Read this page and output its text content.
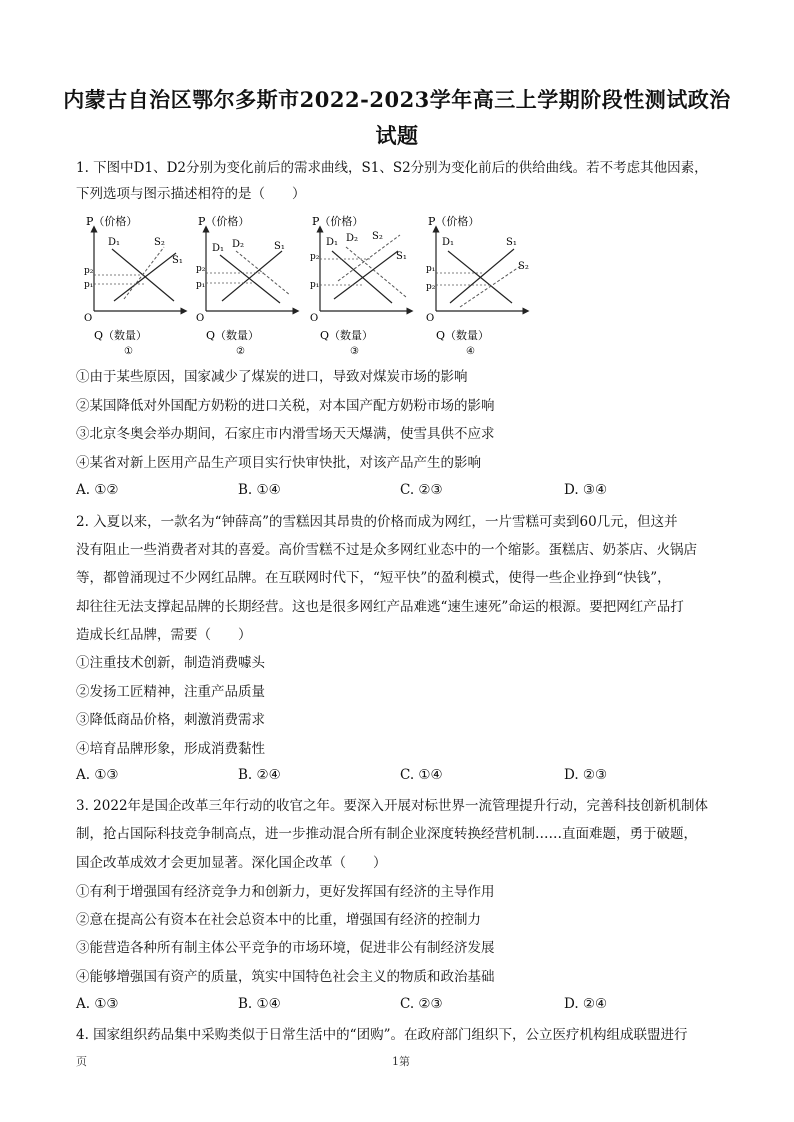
内蒙古自治区鄂尔多斯市2022-2023学年高三上学期阶段性测试政治
试题
1. 下图中D1、D2分别为变化前后的需求曲线，S1、S2分别为变化前后的供给曲线。若不考虑其他因素，
下列选项与图示描述相符的是（　　）
P（价格）
O
D₁	S₂
S₁
p₂
p₁
Q（数量）
①
P（价格）
O
D₁ D₂	S₁
p₂
p₁
Q（数量）
②
P（价格）
O
D₁ D₂ S₂
S₁
p₂
p₁
Q（数量）
③
P（价格）
O
D₁	S₁
S₂
p₁
p₂
Q（数量）
④
①由于某些原因，国家减少了煤炭的进口，导致对煤炭市场的影响
②某国降低对外国配方奶粉的进口关税，对本国产配方奶粉市场的影响
③北京冬奥会举办期间，石家庄市内滑雪场天天爆满，使雪具供不应求
④某省对新上医用产品生产项目实行快审快批，对该产品产生的影响
A. ①②	B. ①④	C. ②③	D. ③④
2. 入夏以来，一款名为“钟薛高”的雪糕因其昂贵的价格而成为网红，一片雪糕可卖到60几元，但这并
没有阻止一些消费者对其的喜爱。高价雪糕不过是众多网红业态中的一个缩影。蛋糕店、奶茶店、火锅店
等，都曾涌现过不少网红品牌。在互联网时代下，“短平快”的盈利模式，使得一些企业挣到“快钱”，
却往往无法支撑起品牌的长期经营。这也是很多网红产品难逃“速生速死”命运的根源。要把网红产品打
造成长红品牌，需要（　　）
①注重技术创新，制造消费噱头
②发扬工匠精神，注重产品质量
③降低商品价格，刺激消费需求
④培育品牌形象，形成消费黏性
A. ①③	B. ②④	C. ①④	D. ②③
3. 2022年是国企改革三年行动的收官之年。要深入开展对标世界一流管理提升行动，完善科技创新机制体
制，抢占国际科技竞争制高点，进一步推动混合所有制企业深度转换经营机制……直面难题，勇于破题，
国企改革成效才会更加显著。深化国企改革（　　）
①有利于增强国有经济竞争力和创新力，更好发挥国有经济的主导作用
②意在提高公有资本在社会总资本中的比重，增强国有经济的控制力
③能营造各种所有制主体公平竞争的市场环境，促进非公有制经济发展
④能够增强国有资产的质量，筑实中国特色社会主义的物质和政治基础
A. ①③	B. ①④	C. ②③	D. ②④
4. 国家组织药品集中采购类似于日常生活中的“团购”。在政府部门组织下，公立医疗机构组成联盟进行
页	1第
